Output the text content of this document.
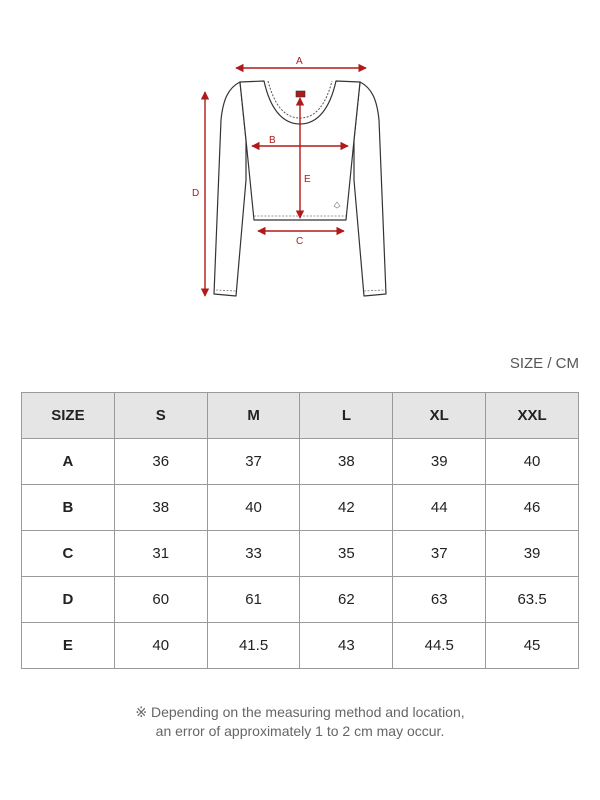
A
B
C
D
E
SIZE / CM
SIZE	S	M	L	XL	XXL
A	36	37	38	39	40
B	38	40	42	44	46
C	31	33	35	37	39
D	60	61	62	63	63.5
E	40	41.5	43	44.5	45
※ Depending on the measuring method and location,
an error of approximately 1 to 2 cm may occur.
